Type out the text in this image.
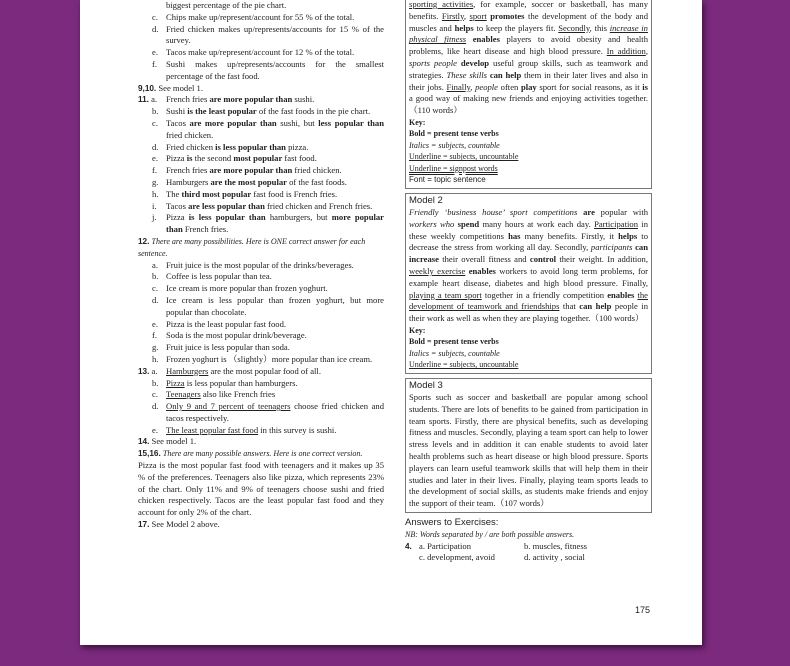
biggest percentage of the pie chart.
c. Chips make up/represent/account for 55 % of the total.
d. Fried chicken makes up/represents/accounts for 15 % of the survey.
e. Tacos make up/represent/account for 12 % of the total.
f.	Sushi makes up/represents/accounts for the smallest percentage of the fast food.
9,10. See model 1.
11. a.	French fries are more popular than sushi.
b. Sushi is the least popular of the fast foods in the pie chart.
c. Tacos are more popular than sushi, but less popular than fried chicken.
d. Fried chicken is less popular than pizza.
e. Pizza is the second most popular fast food.
f.	French fries are more popular than fried chicken.
g. Hamburgers are the most popular of the fast foods.
h. The third most popular fast food is French fries.
i.	Tacos are less popular than fried chicken and French fries.
j.	Pizza is less popular than hamburgers, but more popular than French fries.
12. There are many possibilities. Here is ONE correct answer for each sentence.
a. Fruit juice is the most popular of the drinks/beverages.
b. Coffee is less popular than tea.
c. Ice cream is more popular than frozen yoghurt.
d. Ice cream is less popular than frozen yoghurt, but more popular than chocolate.
e. Pizza is the least popular fast food.
f.	Soda is the most popular drink/beverage.
g. Fruit juice is less popular than soda.
h. Frozen yoghurt is （slightly）more popular than ice cream.
13. a. Hamburgers are the most popular food of all.
b. Pizza is less popular than hamburgers.
c. Teenagers also like French fries
d. Only 9 and 7 percent of teenagers choose fried chicken and tacos respectively.
e. The least popular fast food in this survey is sushi.
14. See model 1.
15,16. There are many possible answers. Here is one correct version.
Pizza is the most popular fast food with teenagers and it makes up 35 % of the preferences. Teenagers also like pizza, which represents 23% of the chart. Only 11% and 9% of teenagers choose sushi and fried chicken respectively. Tacos are the least popular fast food and they account for only 2% of the chart.
17. See Model 2 above.
sporting activities, for example, soccer or basketball, has many benefits. Firstly, sport promotes the development of the body and muscles and helps to keep the players fit. Secondly, this increase in physical fitness enables players to avoid obesity and health problems, like heart disease and high blood pressure. In addition, sports people develop useful group skills, such as teamwork and strategies. These skills can help them in their later lives and also in their jobs. Finally, people often play sport for social reasons, as it is a good way of making new friends and enjoying activities together.（110 words）
Key:
Bold = present tense verbs
Italics = subjects, countable
Underline = subjects, uncountable
Underline = signpost words
Font = topic sentence
Model 2
Friendly ‘business house’ sport competitions are popular with workers who spend many hours at work each day. Participation in these weekly competitions has many benefits. Firstly, it helps to decrease the stress from working all day. Secondly, participants can increase their overall fitness and control their weight. In addition, weekly exercise enables workers to avoid long term problems, for example heart disease, diabetes and high blood pressure. Finally, playing a team sport together in a friendly competition enables the development of teamwork and friendships that can help people in their work as well as when they are playing together.（100 words）
Key:
Bold = present tense verbs
Italics = subjects, countable
Underline = subjects, uncountable
Model 3
Sports such as soccer and basketball are popular among school students. There are lots of benefits to be gained from participation in team sports. Firstly, there are physical benefits, such as developing fitness and muscles. Secondly, playing a team sport can help to lower stress levels and in addition it can enable students to avoid later health problems such as heart disease or high blood pressure. Sports players can learn useful teamwork skills that will help them in their studies and later in their lives. Finally, playing team sports leads to the development of social skills, as students make friends and enjoy the support of their team.（107 words）
Answers to Exercises:
NB: Words separated by / are both possible answers.
4. a. Participation	b. muscles, fitness
c. development, avoid	d. activity , social
175
